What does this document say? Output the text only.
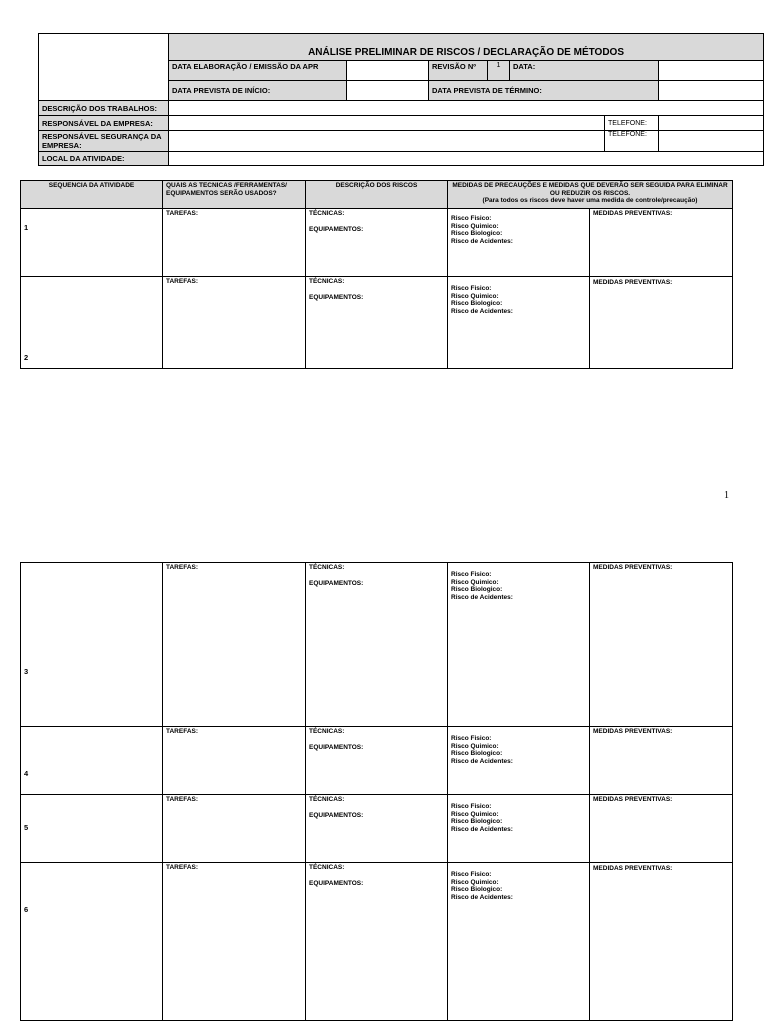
	ANÁLISE PRELIMINAR DE RISCOS / DECLARAÇÃO DE MÉTODOS						
	DATA ELABORAÇÃO / EMISSÃO DA APR		REVISÃO Nº	1	DATA:		
	DATA PREVISTA DE INÍCIO:		DATA PREVISTA DE TÉRMINO:				
DESCRIÇÃO DOS TRABALHOS:							
RESPONSÁVEL DA EMPRESA:						TELEFONE:	
RESPONSÁVEL SEGURANÇA DA EMPRESA:						TELEFONE:	
LOCAL DA ATIVIDADE:							
SEQUENCIA DA ATIVIDADE	QUAIS AS TECNICAS /FERRAMENTAS/ EQUIPAMENTOS SERÃO USADOS?	DESCRIÇÃO DOS RISCOS	MEDIDAS DE PRECAUÇÕES E MEDIDAS QUE DEVERÃO SER SEGUIDA PARA ELIMINAR OU REDUZIR OS RISCOS.
(Para todos os riscos deve haver uma medida de controle/precaução)	

1	TAREFAS:	TÉCNICAS:
EQUIPAMENTOS:	Risco Fisico:
Risco Quimico:
Risco Biologico:
Risco de Acidentes:	MEDIDAS PREVENTIVAS:

2	TAREFAS:	TÉCNICAS:
EQUIPAMENTOS:	Risco Fisico:
Risco Quimico:
Risco Biologico:
Risco de Acidentes:	MEDIDAS PREVENTIVAS:
1
3	TAREFAS:	TÉCNICAS:
EQUIPAMENTOS:	Risco Fisico:
Risco Quimico:
Risco Biologico:
Risco de Acidentes:	MEDIDAS PREVENTIVAS:

4	TAREFAS:	TÉCNICAS:
EQUIPAMENTOS:	Risco Fisico:
Risco Quimico:
Risco Biologico:
Risco de Acidentes:	MEDIDAS PREVENTIVAS:

5	TAREFAS:	TÉCNICAS:
EQUIPAMENTOS:	Risco Fisico:
Risco Quimico:
Risco Biologico:
Risco de Acidentes:	MEDIDAS PREVENTIVAS:

6	TAREFAS:	TÉCNICAS:
EQUIPAMENTOS:	Risco Fisico:
Risco Quimico:
Risco Biologico:
Risco de Acidentes:	MEDIDAS PREVENTIVAS:
